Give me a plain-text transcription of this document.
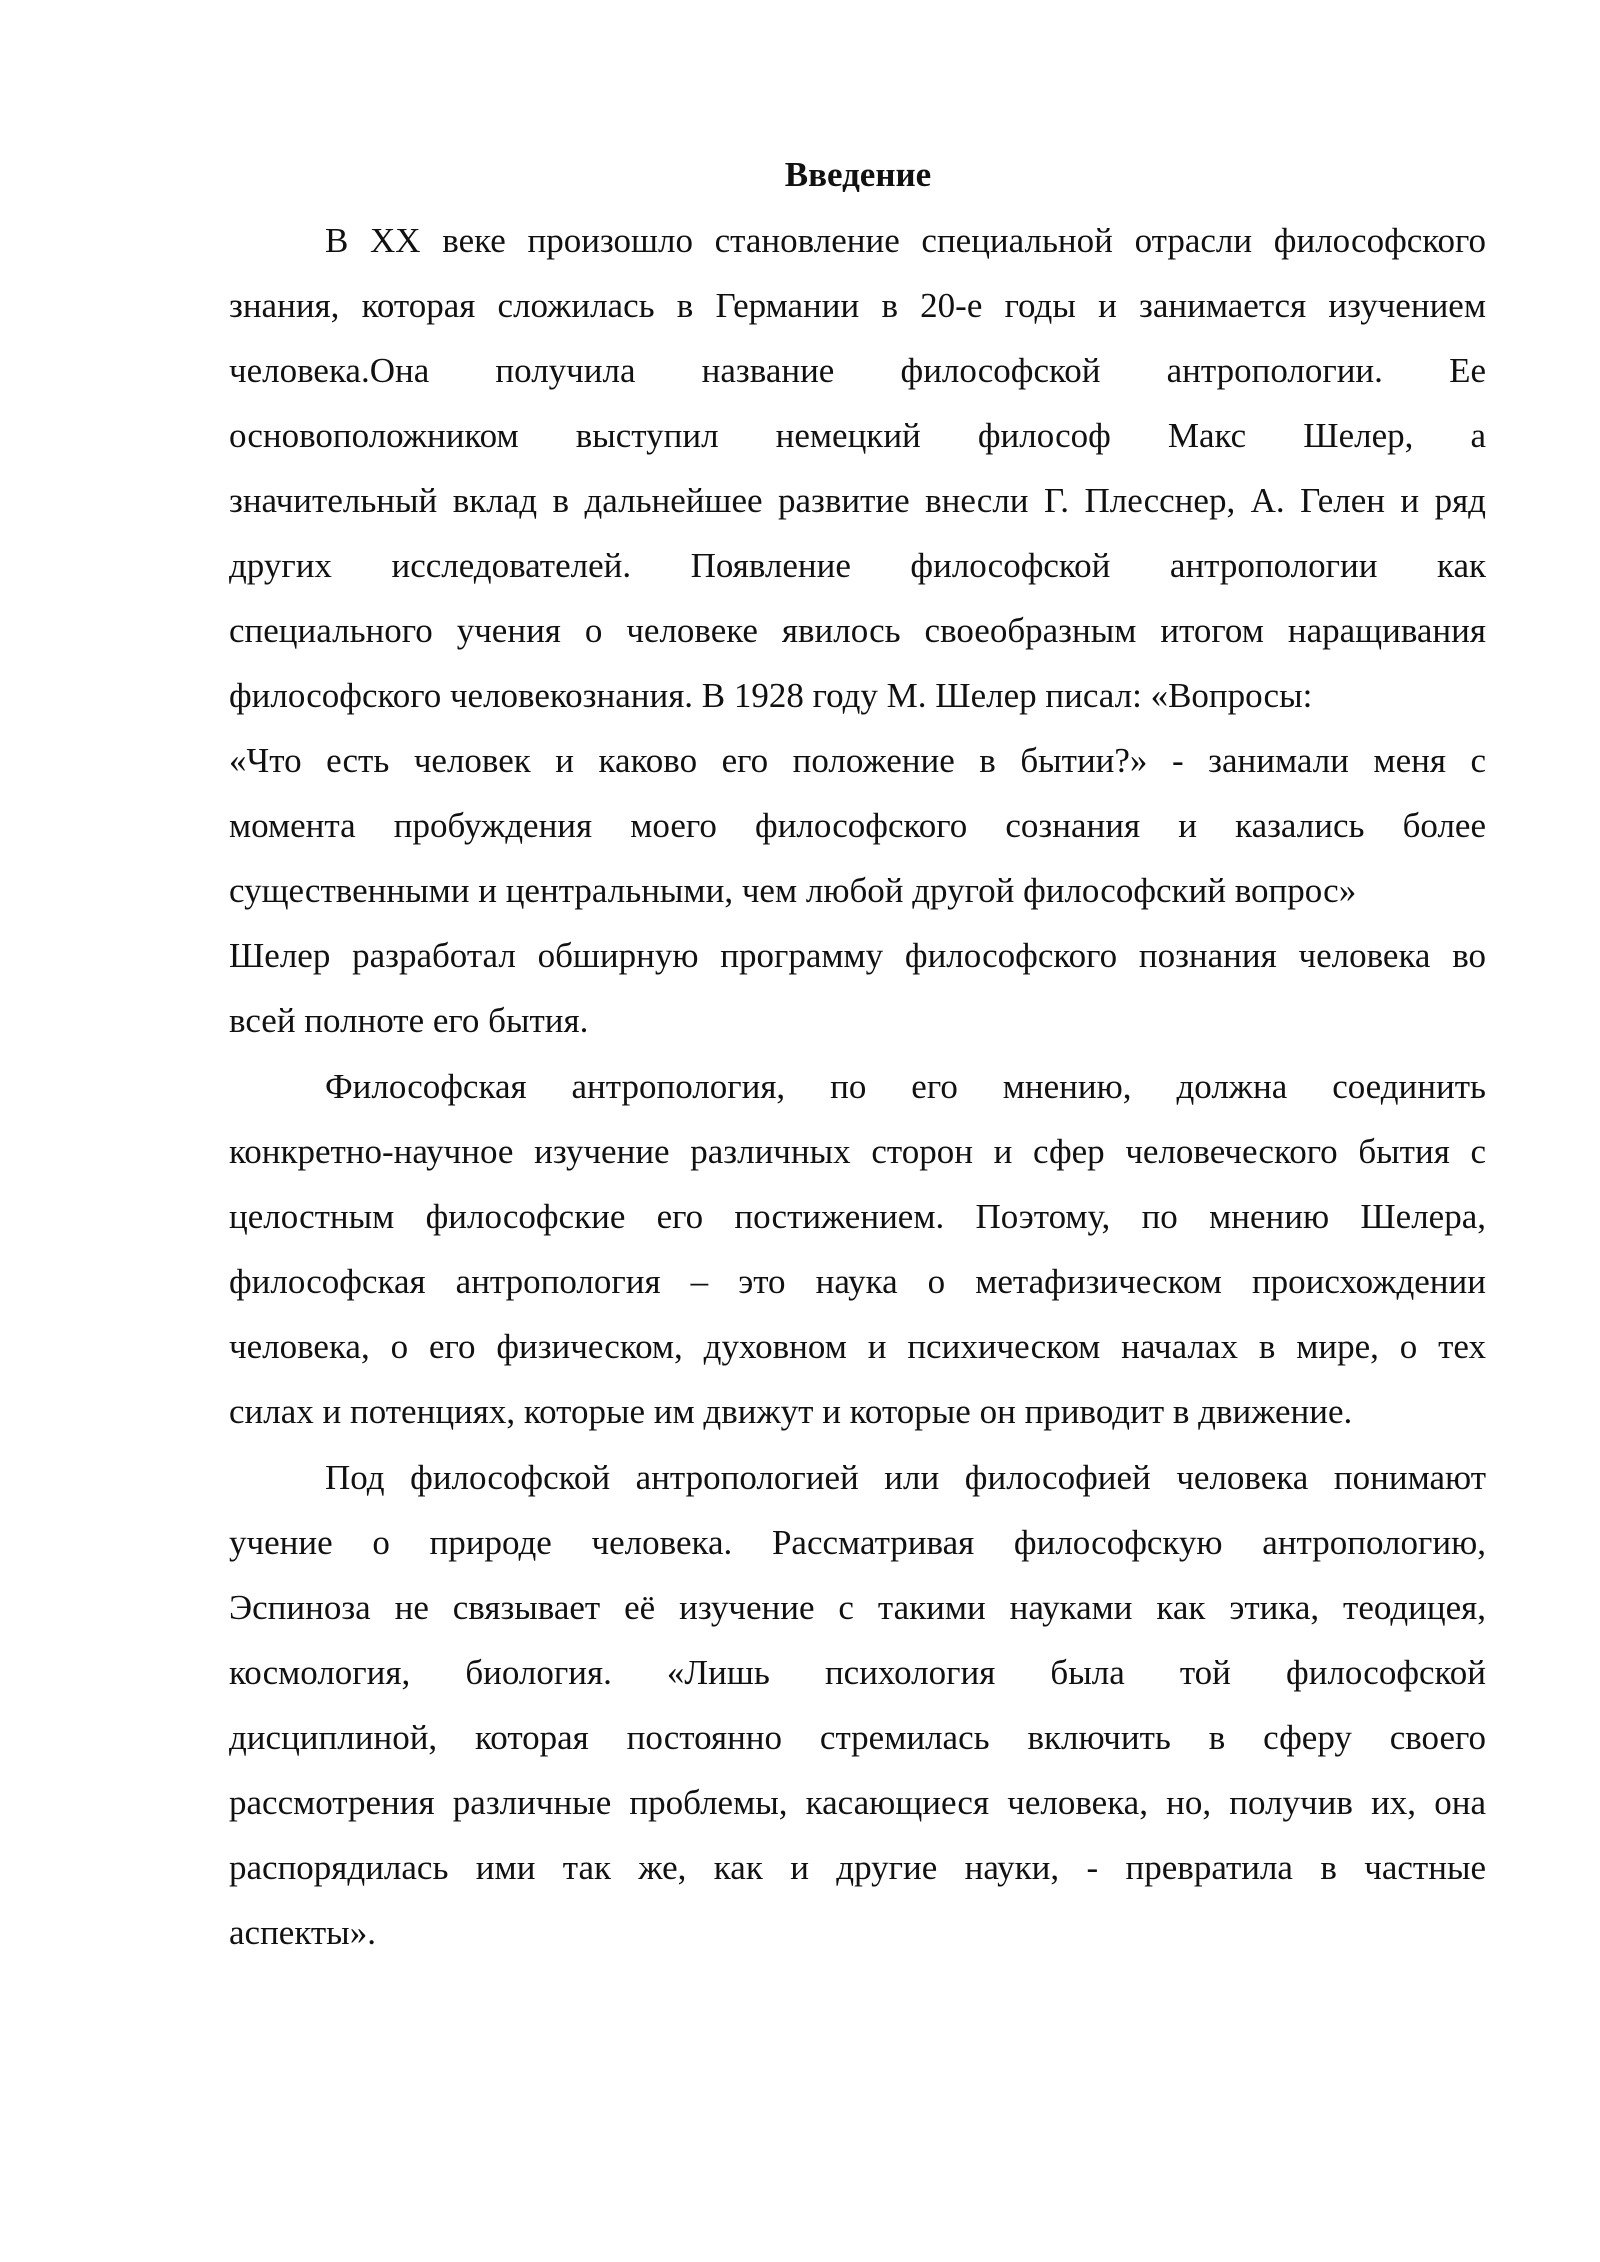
Введение
В XX веке произошло становление специальной отрасли философского
знания, которая сложилась в Германии в 20-е годы и занимается изучением
человека.Она получила название философской антропологии. Ее
основоположником выступил немецкий философ Макс Шелер, а
значительный вклад в дальнейшее развитие внесли Г. Плесснер, А. Гелен и ряд
других исследователей. Появление философской антропологии как
специального учения о человеке явилось своеобразным итогом наращивания
философского человекознания. В 1928 году М. Шелер писал: «Вопросы:
«Что есть человек и каково его положение в бытии?» - занимали меня с
момента пробуждения моего философского сознания и казались более
существенными и центральными, чем любой другой философский вопрос»
Шелер разработал обширную программу философского познания человека во
всей полноте его бытия.
Философская антропология, по его мнению, должна соединить
конкретно-научное изучение различных сторон и сфер человеческого бытия с
целостным философские его постижением. Поэтому, по мнению Шелера,
философская антропология – это наука о метафизическом происхождении
человека, о его физическом, духовном и психическом началах в мире, о тех
силах и потенциях, которые им движут и которые он приводит в движение.
Под философской антропологией или философией человека понимают
учение о природе человека. Рассматривая философскую антропологию,
Эспиноза не связывает её изучение с такими науками как этика, теодицея,
космология, биология. «Лишь психология была той философской
дисциплиной, которая постоянно стремилась включить в сферу своего
рассмотрения различные проблемы, касающиеся человека, но, получив их, она
распорядилась ими так же, как и другие науки, - превратила в частные
аспекты».
